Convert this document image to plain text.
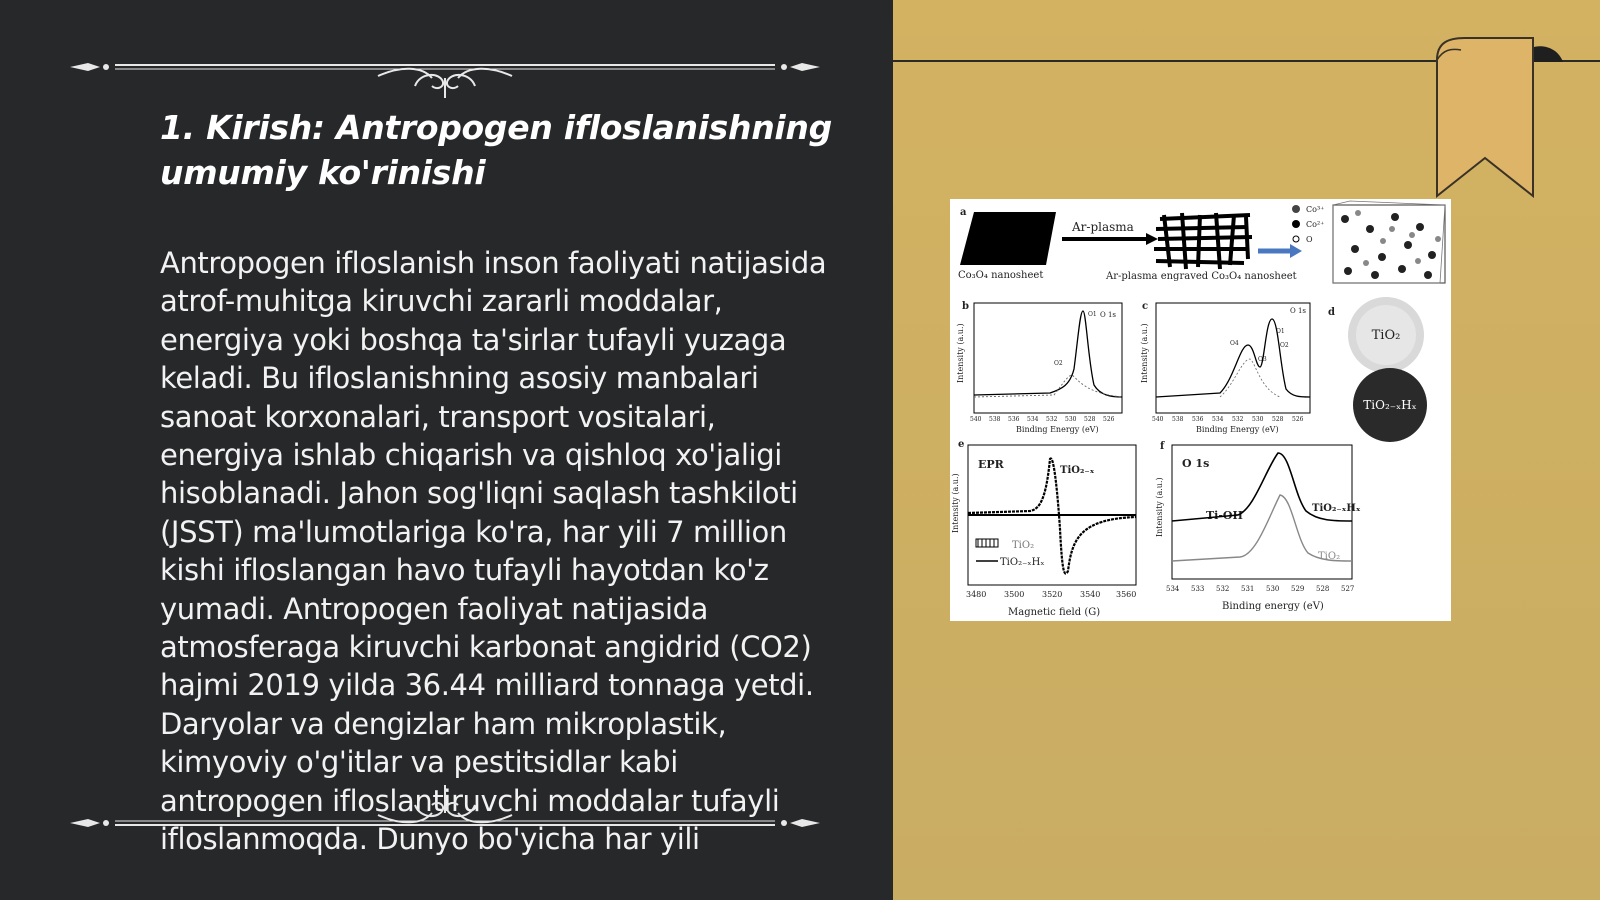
1. Kirish: Antropogen ifloslanishning umumiy ko'rinishi

Antropogen ifloslanish inson faoliyati natijasida atrof-muhitga kiruvchi zararli moddalar, energiya yoki boshqa ta'sirlar tufayli yuzaga keladi. Bu ifloslanishning asosiy manbalari sanoat korxonalari, transport vositalari, energiya ishlab chiqarish va qishloq xo'jaligi hisoblanadi. Jahon sog'liqni saqlash tashkiloti (JSST) ma'lumotlariga ko'ra, har yili 7 million kishi ifloslangan havo tufayli hayotdan ko'z yumadi. Antropogen faoliyat natijasida atmosferaga kiruvchi karbonat angidrid (CO2) hajmi 2019 yilda 36.44 milliard tonnaga yetdi. Daryolar va dengizlar ham mikroplastik, kimyoviy o'g'itlar va pestitsidlar kabi antropogen ifloslantiruvchi moddalar tufayli ifloslanmoqda. Dunyo bo'yicha har yili

a
Co₃O₄ nanosheet
Ar-plasma
Ar-plasma engraved Co₃O₄ nanosheet
Co³⁺
Co²⁺
O
b
Intensity (a.u.)
O 1s
O1
O2
540 538 536 534 532 530 528 526
Binding Energy (eV)
c
Intensity (a.u.)
O 1s
O4
O3
O1
O2
540 538 536 534 532 530 528 526
Binding Energy (eV)
d
TiO₂
TiO₂₋ₓHₓ
e
Intensity (a.u.)
EPR	TiO₂₋ₓ
TiO₂
TiO₂₋ₓHₓ
3480 3500 3520 3540 3560
Magnetic field (G)
f
Intensity (a.u.)
O 1s
Ti-OH
TiO₂₋ₓHₓ
TiO₂
534 533 532 531 530 529 528 527
Binding energy (eV)
